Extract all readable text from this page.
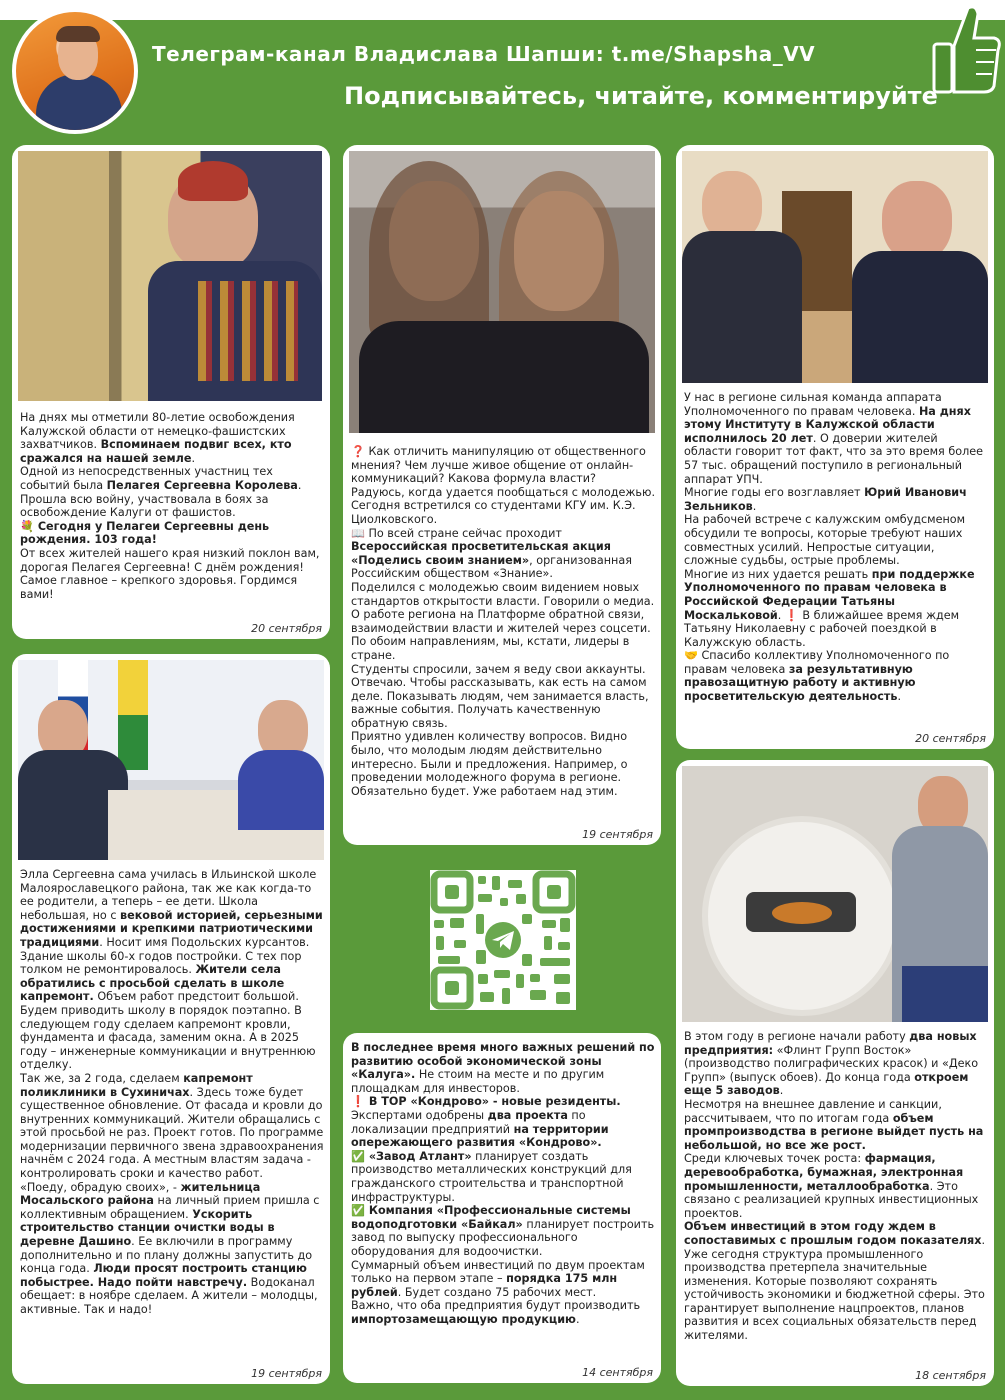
Телеграм-канал Владислава Шапши: t.me/Shapsha_VV
Подписывайтесь, читайте, комментируйте
На днях мы отметили 80-летие освобождения Калужской области от немецко-фашистских захватчиков. Вспоминаем подвиг всех, кто сражался на нашей земле.
Одной из непосредственных участниц тех событий была Пелагея Сергеевна Королева. Прошла всю войну, участвовала в боях за освобождение Калуги от фашистов.
💐 Сегодня у Пелагеи Сергеевны день рождения. 103 года!
От всех жителей нашего края низкий поклон вам, дорогая Пелагея Сергеевна! С днём рождения! Самое главное – крепкого здоровья. Гордимся вами!
20 сентября
❓ Как отличить манипуляцию от общественного мнения? Чем лучше живое общение от онлайн-коммуникаций? Какова формула власти?
Радуюсь, когда удается пообщаться с молодежью. Сегодня встретился со студентами КГУ им. К.Э. Циолковского.
📖 По всей стране сейчас проходит Всероссийская просветительская акция «Поделись своим знанием», организованная Российским обществом «Знание».
Поделился с молодежью своим видением новых стандартов открытости власти. Говорили о медиа. О работе региона на Платформе обратной связи, взаимодействии власти и жителей через соцсети. По обоим направлениям, мы, кстати, лидеры в стране.
Студенты спросили, зачем я веду свои аккаунты. Отвечаю. Чтобы рассказывать, как есть на самом деле. Показывать людям, чем занимается власть, важные события. Получать качественную обратную связь.
Приятно удивлен количеству вопросов. Видно было, что молодым людям действительно интересно. Были и предложения. Например, о проведении молодежного форума в регионе. Обязательно будет. Уже работаем над этим.
19 сентября
У нас в регионе сильная команда аппарата Уполномоченного по правам человека. На днях этому Институту в Калужской области исполнилось 20 лет. О доверии жителей области говорит тот факт, что за это время более 57 тыс. обращений поступило в региональный аппарат УПЧ.
Многие годы его возглавляет Юрий Иванович Зельников.
На рабочей встрече с калужским омбудсменом обсудили те вопросы, которые требуют наших совместных усилий. Непростые ситуации, сложные судьбы, острые проблемы.
Многие из них удается решать при поддержке Уполномоченного по правам человека в Российской Федерации Татьяны Москальковой. ❗ В ближайшее время ждем Татьяну Николаевну с рабочей поездкой в Калужскую область.
🤝 Спасибо коллективу Уполномоченного по правам человека за результативную правозащитную работу и активную просветительскую деятельность.
20 сентября
Элла Сергеевна сама училась в Ильинской школе Малоярославецкого района, так же как когда-то ее родители, а теперь – ее дети. Школа небольшая, но с вековой историей, серьезными достижениями и крепкими патриотическими традициями. Носит имя Подольских курсантов.
Здание школы 60-х годов постройки. С тех пор толком не ремонтировалось. Жители села обратились с просьбой сделать в школе капремонт. Объем работ предстоит большой. Будем приводить школу в порядок поэтапно. В следующем году сделаем капремонт кровли, фундамента и фасада, заменим окна. А в 2025 году – инженерные коммуникации и внутреннюю отделку.
Так же, за 2 года, сделаем капремонт поликлиники в Сухиничах. Здесь тоже будет существенное обновление. От фасада и кровли до внутренних коммуникаций. Жители обращались с этой просьбой не раз. Проект готов. По программе модернизации первичного звена здравоохранения начнём с 2024 года. А местным властям задача - контролировать сроки и качество работ.
«Поеду, обрадую своих», - жительница Мосальского района на личный прием пришла с коллективным обращением. Ускорить строительство станции очистки воды в деревне Дашино. Ее включили в программу дополнительно и по плану должны запустить до конца года. Люди просят построить станцию побыстрее. Надо пойти навстречу. Водоканал обещает: в ноябре сделаем. А жители – молодцы, активные. Так и надо!
19 сентября
В последнее время много важных решений по развитию особой экономической зоны «Калуга». Не стоим на месте и по другим площадкам для инвесторов.
❗ В ТОР «Кондрово» - новые резиденты. Экспертами одобрены два проекта по локализации предприятий на территории опережающего развития «Кондрово».
✅ «Завод Атлант» планирует создать производство металлических конструкций для гражданского строительства и транспортной инфраструктуры.
✅ Компания «Профессиональные системы водоподготовки «Байкал» планирует построить завод по выпуску профессионального оборудования для водоочистки.
Суммарный объем инвестиций по двум проектам только на первом этапе – порядка 175 млн рублей. Будет создано 75 рабочих мест.
Важно, что оба предприятия будут производить импортозамещающую продукцию.
14 сентября
В этом году в регионе начали работу два новых предприятия: «Флинт Групп Восток» (производство полиграфических красок) и «Деко Групп» (выпуск обоев). До конца года откроем еще 5 заводов.
Несмотря на внешнее давление и санкции, рассчитываем, что по итогам года объем промпроизводства в регионе выйдет пусть на небольшой, но все же рост.
Среди ключевых точек роста: фармация, деревообработка, бумажная, электронная промышленности, металлообработка. Это связано с реализацией крупных инвестиционных проектов.
Объем инвестиций в этом году ждем в сопоставимых с прошлым годом показателях.
Уже сегодня структура промышленного производства претерпела значительные изменения. Которые позволяют сохранять устойчивость экономики и бюджетной сферы. Это гарантирует выполнение нацпроектов, планов развития и всех социальных обязательств перед жителями.
18 сентября
